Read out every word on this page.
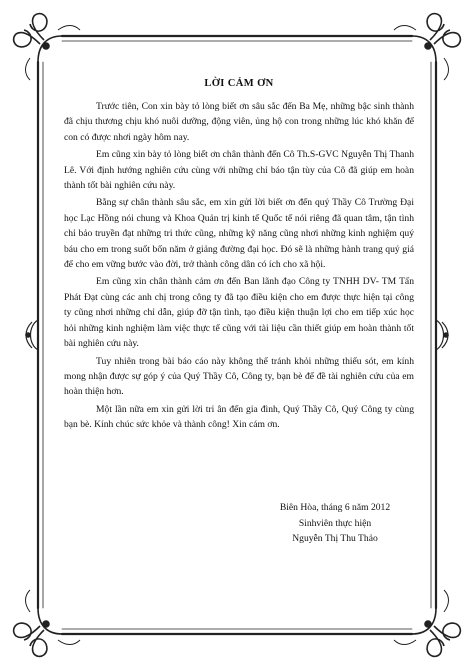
LỜI CẢM ƠN

Trước tiên, Con xin bày tỏ lòng biết ơn sâu sắc đến Ba Mẹ, những bậc sinh thành đã chịu thương chịu khó nuôi dưỡng, động viên, ủng hộ con trong những lúc khó khăn để con có được nhơi ngày hôm nay.

Em cũng xin bày tỏ lòng biết ơn chân thành đến Cô Th.S-GVC Nguyễn Thị Thanh Lê. Với định hướng nghiên cứu cùng với những chỉ báo tận tùy của Cô đã giúp em hoàn thành tốt bài nghiên cứu này.

Bằng sự chân thành sâu sắc, em xin gửi lời biết ơn đến quý Thầy Cô Trường Đại học Lạc Hồng nói chung và Khoa Quản trị kinh tế Quốc tế nói riêng đã quan tâm, tận tình chỉ bảo truyền đạt những tri thức cũng, những kỹ năng cũng nhơi những kinh nghiệm quý báu cho em trong suốt bốn năm ở giảng đường đại học. Đó sẽ là những hành trang quý giá để cho em vững bước vào đời, trở thành công dân có ích cho xã hội.

Em cũng xin chân thành cảm ơn đến Ban lãnh đạo Công ty TNHH DV- TM Tấn Phát Đạt cùng các anh chị trong công ty đã tạo điều kiện cho em được thực hiện tại công ty cũng nhơi những chỉ dẫn, giúp đỡ tận tình, tạo điều kiện thuận lợi cho em tiếp xúc học hỏi những kinh nghiệm làm việc thực tế cũng với tài liệu cần thiết giúp em hoàn thành tốt bài nghiên cứu này.

Tuy nhiên trong bài báo cáo này không thể tránh khỏi những thiếu sót, em kính mong nhận được sự góp ý của Quý Thầy Cô, Công ty, bạn bè để đề tài nghiên cứu của em hoàn thiện hơn.

Một lần nữa em xin gửi lời tri ân đến gia đình, Quý Thầy Cô, Quý Công ty cùng bạn bè. Kính chúc sức khỏe và thành công! Xin cám ơn.

Biên Hòa, tháng 6 năm 2012
Sinhviên thực hiện
Nguyễn Thị Thu Thảo
